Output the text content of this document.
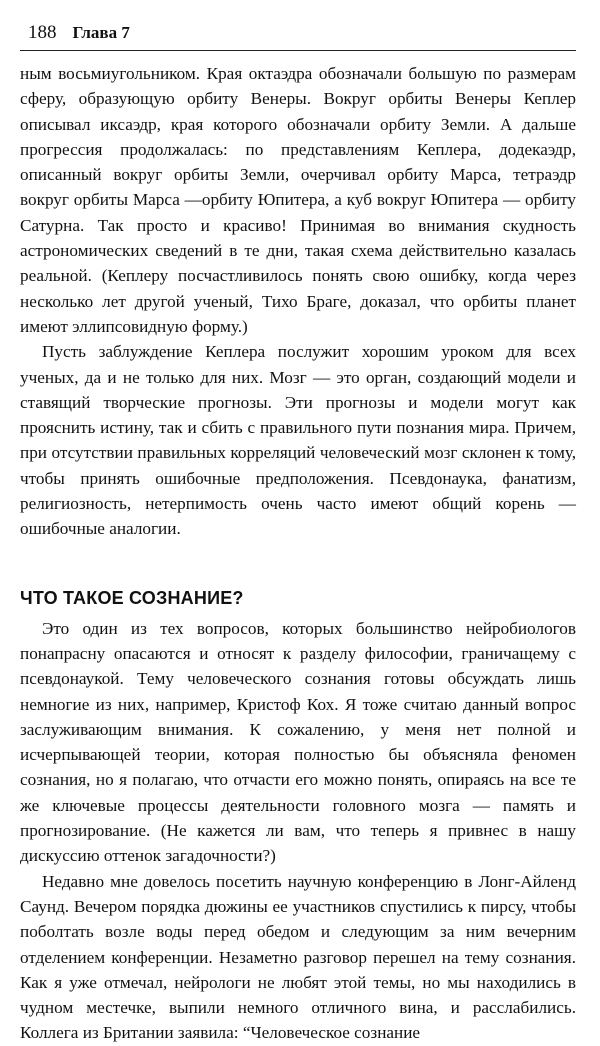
188 Глава 7

ным восьмиугольником. Края октаэдра обозначали большую по размерам сферу, образующую орбиту Венеры. Вокруг орбиты Венеры Кеплер описывал иксаэдр, края которого обозначали орбиту Земли. А дальше прогрессия продолжалась: по представлениям Кеплера, додекаэдр, описанный вокруг орбиты Земли, очерчивал орбиту Марса, тетраэдр вокруг орбиты Марса —орбиту Юпитера, а куб вокруг Юпитера — орбиту Сатурна. Так просто и красиво! Принимая во внимания скудность астрономических сведений в те дни, такая схема действительно казалась реальной. (Кеплеру посчастливилось понять свою ошибку, когда через несколько лет другой ученый, Тихо Браге, доказал, что орбиты планет имеют эллипсовидную форму.)

Пусть заблуждение Кеплера послужит хорошим уроком для всех ученых, да и не только для них. Мозг — это орган, создающий модели и ставящий творческие прогнозы. Эти прогнозы и модели могут как прояснить истину, так и сбить с правильного пути познания мира. Причем, при отсутствии правильных корреляций человеческий мозг склонен к тому, чтобы принять ошибочные предположения. Псевдонаука, фанатизм, религиозность, нетерпимость очень часто имеют общий корень — ошибочные аналогии.

ЧТО ТАКОЕ СОЗНАНИЕ?

Это один из тех вопросов, которых большинство нейробиологов понапрасну опасаются и относят к разделу философии, граничащему с псевдонаукой. Тему человеческого сознания готовы обсуждать лишь немногие из них, например, Кристоф Кох. Я тоже считаю данный вопрос заслуживающим внимания. К сожалению, у меня нет полной и исчерпывающей теории, которая полностью бы объясняла феномен сознания, но я полагаю, что отчасти его можно понять, опираясь на все те же ключевые процессы деятельности головного мозга — память и прогнозирование. (Не кажется ли вам, что теперь я привнес в нашу дискуссию оттенок загадочности?)

Недавно мне довелось посетить научную конференцию в Лонг-Айленд Саунд. Вечером порядка дюжины ее участников спустились к пирсу, чтобы поболтать возле воды перед обедом и следующим за ним вечерним отделением конференции. Незаметно разговор перешел на тему сознания. Как я уже отмечал, нейрологи не любят этой темы, но мы находились в чудном местечке, выпили немного отличного вина, и расслабились. Коллега из Британии заявила: “Человеческое сознание
